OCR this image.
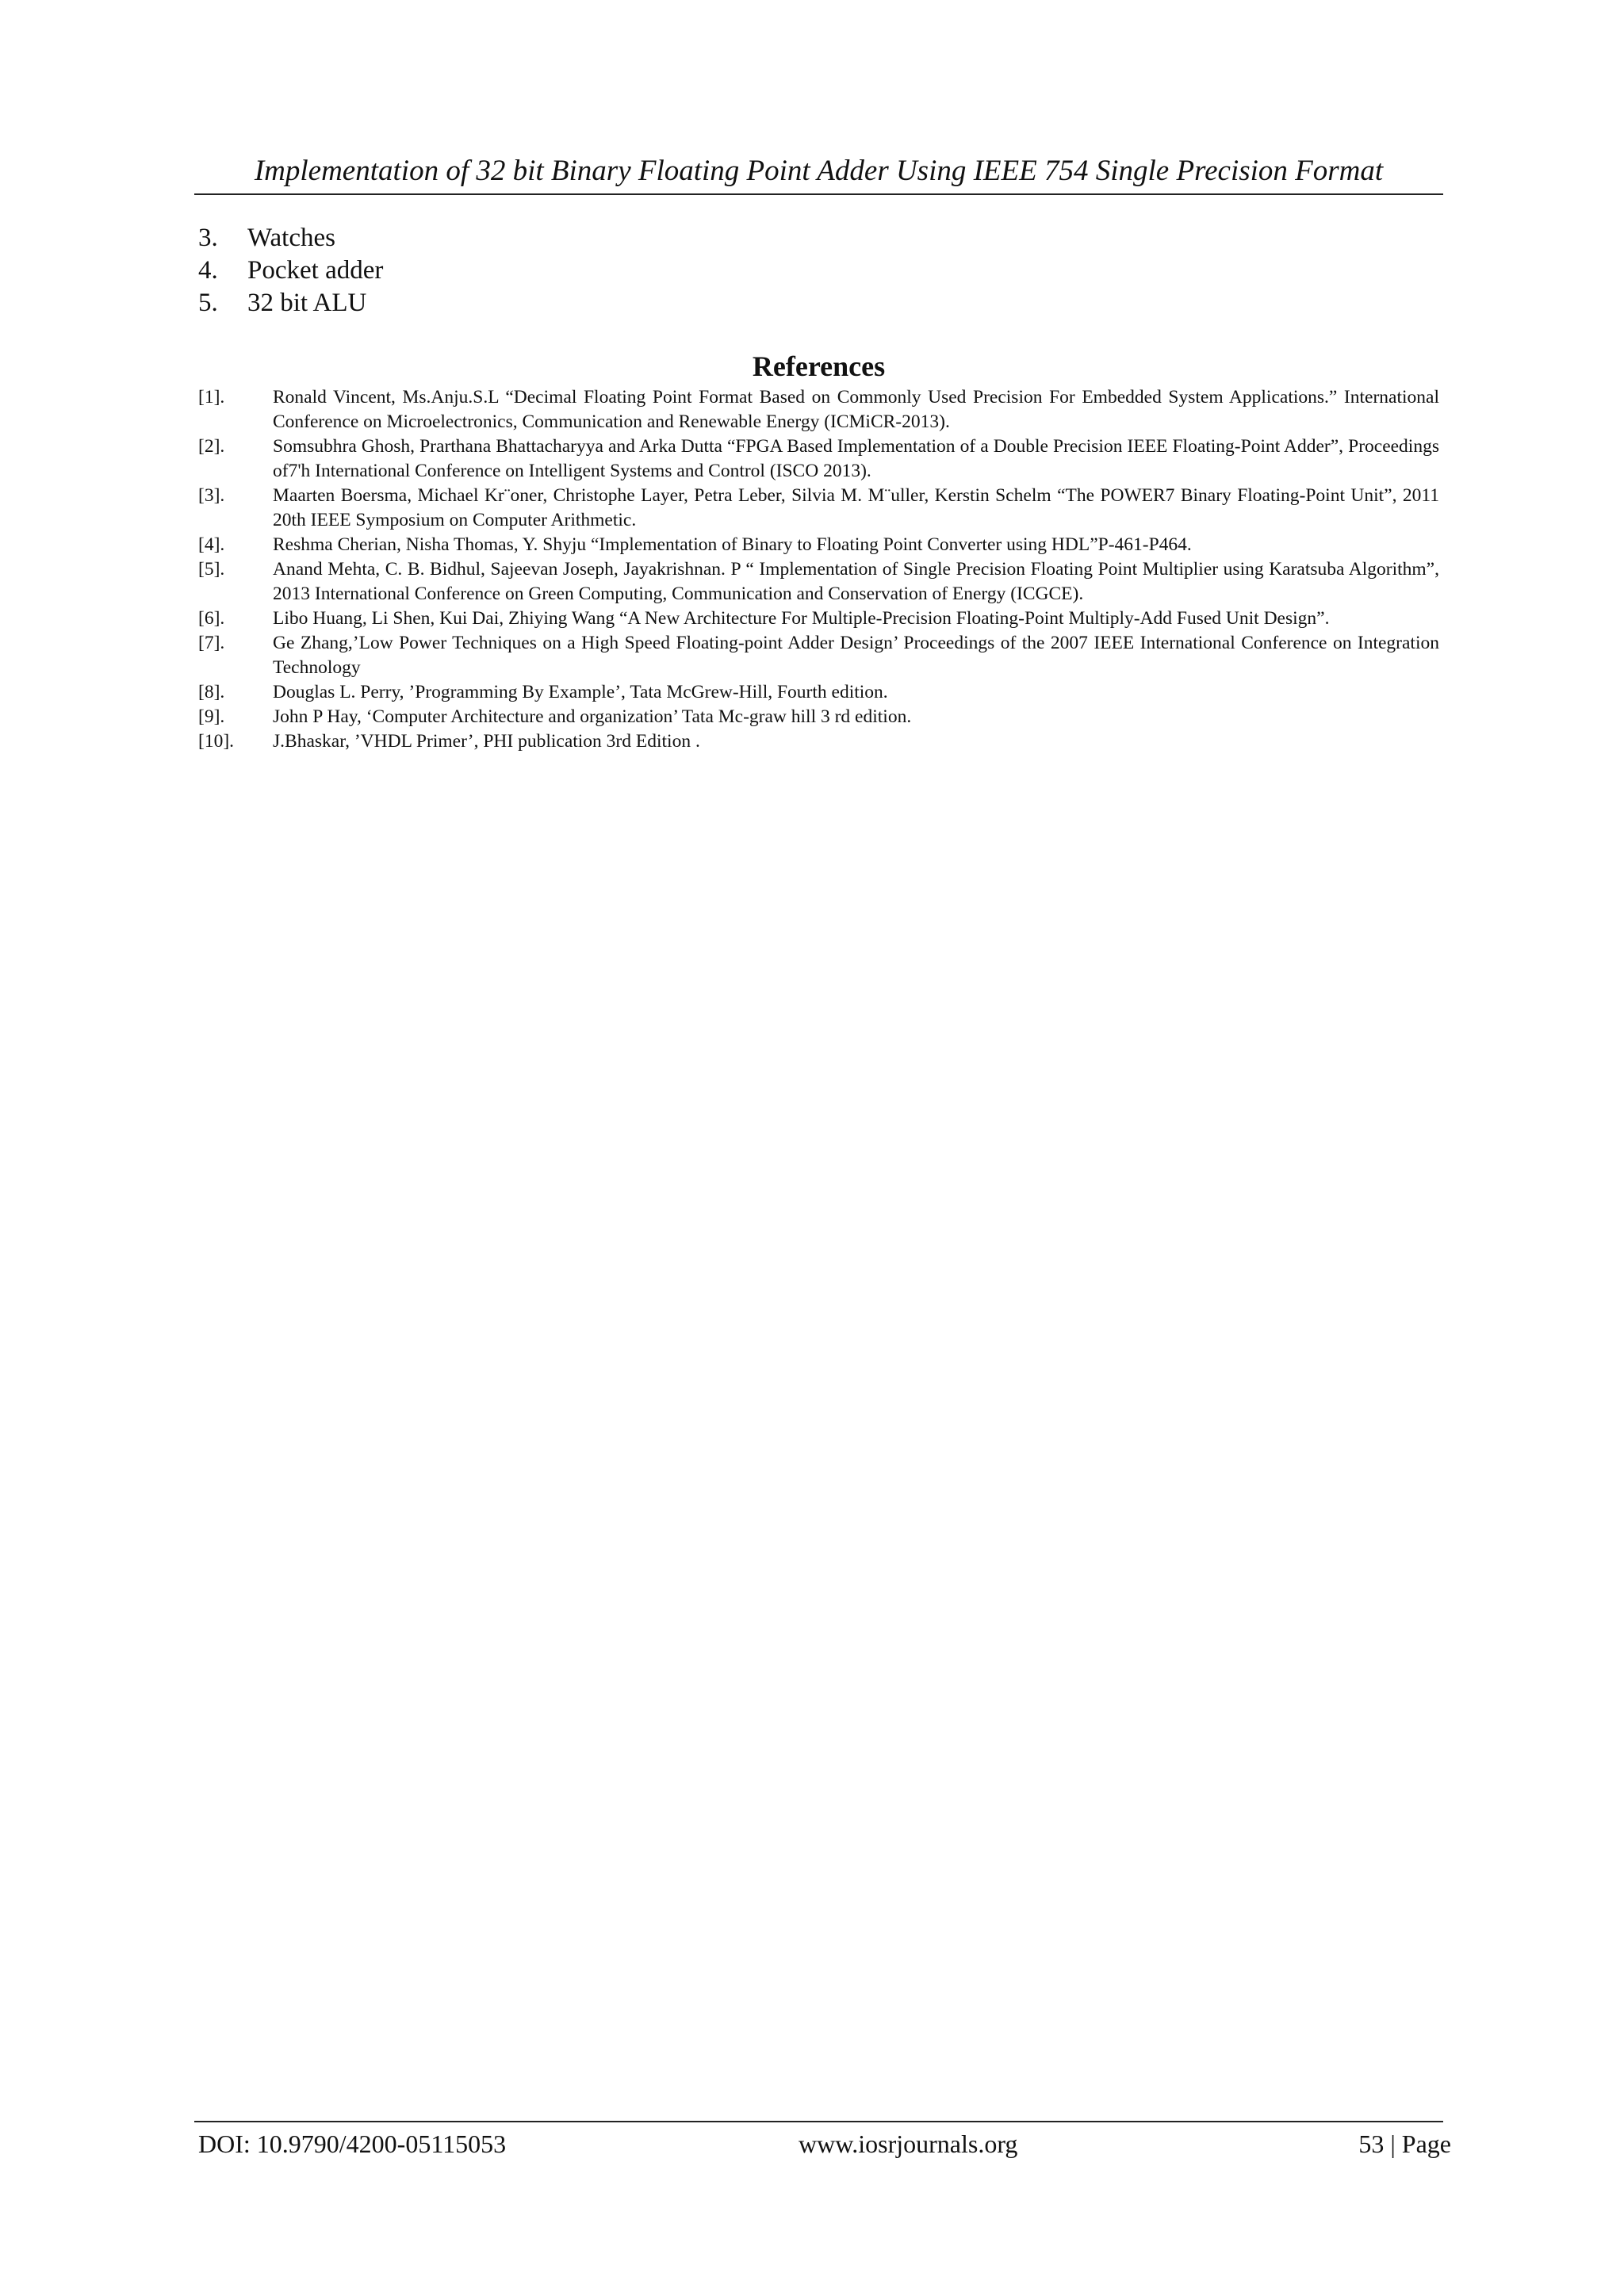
Implementation of 32 bit Binary Floating Point Adder Using IEEE 754 Single Precision Format
3.	Watches
4.	Pocket adder
5.	32 bit ALU
References
[1].	Ronald Vincent, Ms.Anju.S.L “Decimal Floating Point Format Based on Commonly Used Precision For Embedded System Applications.” International Conference on Microelectronics, Communication and Renewable Energy (ICMiCR-2013).
[2].	Somsubhra Ghosh, Prarthana Bhattacharyya and Arka Dutta “FPGA Based Implementation of a Double Precision IEEE Floating-Point Adder”, Proceedings of7'h International Conference on Intelligent Systems and Control (ISCO 2013).
[3].	Maarten Boersma, Michael Kr¨oner, Christophe Layer, Petra Leber, Silvia M. M¨uller, Kerstin Schelm “The POWER7 Binary Floating-Point Unit”, 2011 20th IEEE Symposium on Computer Arithmetic.
[4].	Reshma Cherian, Nisha Thomas, Y. Shyju “Implementation of Binary to Floating Point Converter using HDL”P-461-P464.
[5].	Anand Mehta, C. B. Bidhul, Sajeevan Joseph, Jayakrishnan. P “ Implementation of Single Precision Floating Point Multiplier using Karatsuba Algorithm”, 2013 International Conference on Green Computing, Communication and Conservation of Energy (ICGCE).
[6].	Libo Huang, Li Shen, Kui Dai, Zhiying Wang “A New Architecture For Multiple-Precision Floating-Point Multiply-Add Fused Unit Design”.
[7].	Ge Zhang,’Low Power Techniques on a High Speed Floating-point Adder Design’ Proceedings of the 2007 IEEE International Conference on Integration Technology
[8].	Douglas L. Perry, ’Programming By Example’, Tata McGrew-Hill, Fourth edition.
[9].	John P Hay, ‘Computer Architecture and organization’ Tata Mc-graw hill 3 rd edition.
[10].	J.Bhaskar, ’VHDL Primer’, PHI publication 3rd Edition .
DOI: 10.9790/4200-05115053	www.iosrjournals.org	53 | Page
